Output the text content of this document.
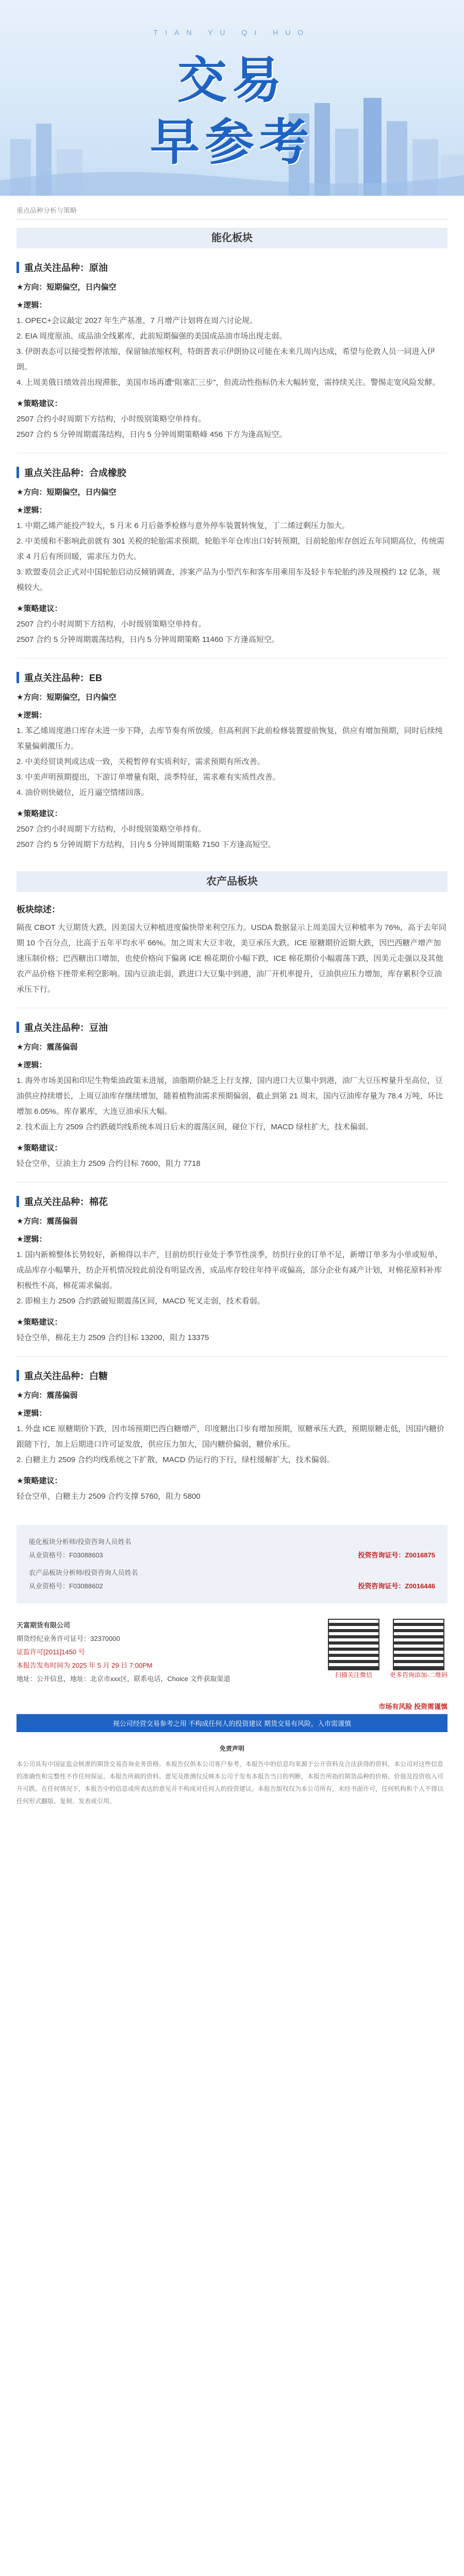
TIAN YU QI HUO
交易
早参考
重点品种分析与策略
能化板块
重点关注品种：原油
★方向：短期偏空，日内偏空
★逻辑：

1. OPEC+会议敲定 2027 年生产基准，7 月增产计划将在周六讨论规。

2. EIA 周度原油、成品油全线累库，此前短期偏强的美国成品油市场出现走弱。

3. 伊朗表态可以接受暂停浓缩，保留铀浓缩权利，特朗普表示伊朗协议可能在未来几周内达成，希望与伦敦人员一同进入伊朗。

4. 上周美俄日绩效首出现滞胀，美国市场再遭“阻塞汇三步”，但流动性指标仍未大幅转宽，需持续关注。警惕走宽风险发酵。

★策略建议：

2507 合约小时周期下方结构，小时级别策略空单持有。

2507 合约 5 分钟周期震荡结构，日内 5 分钟周期策略峰 456 下方为逢高短空。

重点关注品种：合成橡胶
★方向：短期偏空，日内偏空
★逻辑：

1. 中期乙烯产能投产较大，5 月末 6 月后备季检修与意外停车装置转恢复，丁二烯过剩压力加大。

2. 中美缓和不影响此前就有 301 关税的轮胎需求预期，轮胎半年仓库出口好转预期，目前轮胎库存创近五年同期高位，传统需求 4 月后有所回暖，需求压力仍大。

3. 欧盟委员会正式对中国轮胎启动反倾销调查，涉案产品为小型汽车和客车用乘用车及轻卡车轮胎约涉及规模约 12 亿条，规模较大。

★策略建议：

2507 合约小时周期下方结构，小时级别策略空单持有。

2507 合约 5 分钟周期震荡结构，日内 5 分钟周期策略 11460 下方逢高短空。

重点关注品种：EB
★方向：短期偏空，日内偏空
★逻辑：

1. 苯乙烯周度港口库存未进一步下降，去库节奏有所放缓，但高利润下此前检修装置提前恢复，供应有增加预期，同时后续纯苯量偏刺激压力。

2. 中美经贸谈判或达成一致，关税暂停有实质利好，需求预期有所改善。

3. 中美声明预期提出，下游订单增量有限，淡季特征，需求难有实质性改善。

4. 油价则快破位，近月逼空情绪回落。

★策略建议：

2507 合约小时周期下方结构，小时级别策略空单持有。

2507 合约 5 分钟周期下方结构，日内 5 分钟周期策略 7150 下方逢高短空。

农产品板块
板块综述：

隔夜 CBOT 大豆期货大跌，因美国大豆种植进度偏快带来利空压力。USDA 数据显示上周美国大豆种植率为 76%，高于去年同期 10 个百分点，比高于五年平均水平 66%。加之周末大豆丰收，美豆承压大跌。ICE 原糖期价近期大跌，因巴西糖产增产加速压制价格；巴西糖出口增加，也使价格向下偏离 ICE 棉花期价小幅下跌，ICE 棉花期价小幅震荡下跌，因美元走强以及其他农产品价格下挫带来利空影响。国内豆油走弱，跌进口大豆集中到港，油厂开机率提升，豆油供应压力增加，库存累积令豆油承压下行。

重点关注品种：豆油
★方向：震荡偏弱
★逻辑：

1. 海外市场美国和印尼生物柴油政策未进展，油脂期价缺乏上行支撑，国内进口大豆集中到港，油厂大豆压榨量升至高位，豆油供应持续增长，上周豆油库存继续增加，随着植物油需求预期偏弱，截止到第 21 周末，国内豆油库存量为 78.4 万吨，环比增加 6.05%。库存累库，大连豆油承压大幅。

2. 技术面上方 2509 合约跌破均线系统本周日后未的震荡区间，碰位下行，MACD 绿柱扩大，技术偏弱。

★策略建议：

轻仓空单，豆油主力 2509 合约目标 7600，阻力 7718

重点关注品种：棉花
★方向：震荡偏弱
★逻辑：

1. 国内新棉整体长势较好，新棉得以丰产，目前纺织行业处于季节性淡季，纺织行业的订单不足，新增订单多为小单或短单，成品库存小幅攀升，纺企开机情况较此前没有明显改善，成品库存较往年持平或偏高，部分企业有减产计划，对棉花原料补库积极性不高，棉花需求偏弱。

2. 即棉主力 2509 合约跌破短期震荡区间，MACD 死叉走弱，技术看弱。

★策略建议：

轻仓空单，棉花主力 2509 合约目标 13200，阻力 13375

重点关注品种：白糖
★方向：震荡偏弱
★逻辑：

1. 外盘 ICE 原糖期价下跌，因市场预期巴西白糖增产，印度糖出口步有增加预期，原糖承压大跌，预期原糖走低，因国内糖价跟随下行，加上后期进口许可证发放，供应压力加大，国内糖价偏弱，糖价承压。

2. 白糖主力 2509 合约均线系统之下扩散，MACD 仍运行的下行，绿柱缓解扩大，技术偏弱。

★策略建议：

轻仓空单，白糖主力 2509 合约支撑 5760，阻力 5800

能化板块分析师/投资咨询人员姓名
从业资格号：F03088603	投资咨询证号：Z0016875
农产品板块分析师/投资咨询人员姓名
从业资格号：F03088602	投资咨询证号：Z0016446
天富期货有限公司
期货经纪业务许可证号：32370000
证监许可[2011]1450 号
本报告发布时间为 2025 年 5 月 29 日 7:00PM
地址：公开信息，地址：北京市xxx区，联系电话，Choice 文件获取渠道	扫描关注微信	更多咨询添加-二维码
市场有风险 投资需谨慎
视公司经营交易参考之用 不构成任何人的投资建议 期货交易有风险，入市需谨慎
免责声明

本公司具有中国证监会核准的期货交易咨询业务资格。本报告仅供本公司客户参考，本报告中的信息均来源于公开资料及合法获得的资料，本公司对这些信息的准确性和完整性不作任何保证。本报告所载的资料、意见及推测仅反映本公司于发布本报告当日的判断，本报告所指的期货品种的价格、价值及投资收入可升可跌。在任何情况下，本报告中的信息或所表达的意见并不构成对任何人的投资建议。本报告版权仅为本公司所有，未经书面许可，任何机构和个人不得以任何形式翻版、复制、发表或引用。
